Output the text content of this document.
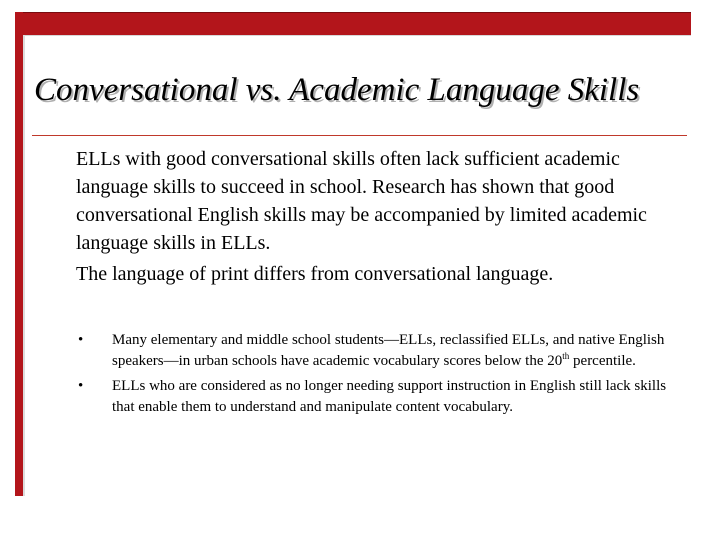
Conversational vs. Academic Language Skills

ELLs with good conversational skills often lack sufficient academic language skills to succeed in school. Research has shown that good conversational English skills may be accompanied by limited academic language skills in ELLs.

The language of print differs from conversational language.

• Many elementary and middle school students—ELLs, reclassified ELLs, and native English speakers—in urban schools have academic vocabulary scores below the 20th percentile.
• ELLs who are considered as no longer needing support instruction in English still lack skills that enable them to understand and manipulate content vocabulary.
